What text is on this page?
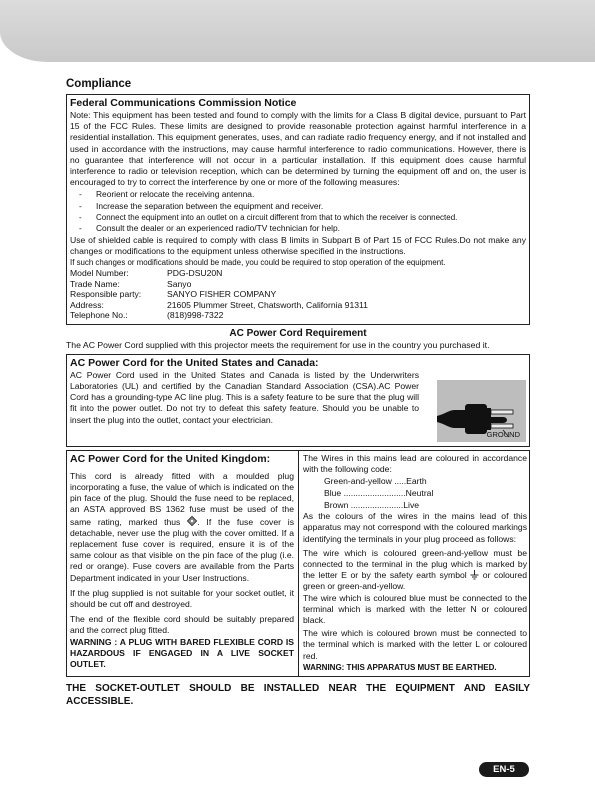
Compliance
Federal Communications Commission Notice
Note: This equipment has been tested and found to comply with the limits for a Class B digital device, pursuant to Part 15 of the FCC Rules. These limits are designed to provide reasonable protection against harmful interference in a residential installation. This equipment generates, uses, and can radiate radio frequency energy, and if not installed and used in accordance with the instructions, may cause harmful interference to radio communications. However, there is no guarantee that interference will not occur in a particular installation. If this equipment does cause harmful interference to radio or television reception, which can be determined by turning the equipment off and on, the user is encouraged to try to correct the interference by one or more of the following measures:
- Reorient or relocate the receiving antenna.
- Increase the separation between the equipment and receiver.
- Connect the equipment into an outlet on a circuit different from that to which the receiver is connected.
- Consult the dealer or an experienced radio/TV technician for help.
Use of shielded cable is required to comply with class B limits in Subpart B of Part 15 of FCC Rules.Do not make any changes or modifications to the equipment unless otherwise specified in the instructions.
If such changes or modifications should be made, you could be required to stop operation of the equipment.
Model Number:	PDG-DSU20N
Trade Name:	Sanyo
Responsible party:	SANYO FISHER COMPANY
Address:	21605 Plummer Street, Chatsworth, California 91311
Telephone No.:	(818)998-7322
AC Power Cord Requirement
The AC Power Cord supplied with this projector meets the requirement for use in the country you purchased it.
AC Power Cord for the United States and Canada:
AC Power Cord used in the United States and Canada is listed by the Underwriters Laboratories (UL) and certified by the Canadian Standard Association (CSA).AC Power Cord has a grounding-type AC line plug. This is a safety feature to be sure that the plug will fit into the power outlet. Do not try to defeat this safety feature. Should you be unable to insert the plug into the outlet, contact your electrician.
GROUND
AC Power Cord for the United Kingdom:
This cord is already fitted with a moulded plug incorporating a fuse, the value of which is indicated on the pin face of the plug. Should the fuse need to be replaced, an ASTA approved BS 1362 fuse must be used of the same rating, marked thus . If the fuse cover is detachable, never use the plug with the cover omitted. If a replacement fuse cover is required, ensure it is of the same colour as that visible on the pin face of the plug (i.e. red or orange). Fuse covers are available from the Parts Department indicated in your User Instructions.
If the plug supplied is not suitable for your socket outlet, it should be cut off and destroyed.
The end of the flexible cord should be suitably prepared and the correct plug fitted.
WARNING : A PLUG WITH BARED FLEXIBLE CORD IS HAZARDOUS IF ENGAGED IN A LIVE SOCKET OUTLET.
The Wires in this mains lead are coloured in accordance with the following code:
Green-and-yellow .....Earth
Blue ..........................Neutral
Brown ......................Live
As the colours of the wires in the mains lead of this apparatus may not correspond with the coloured markings identifying the terminals in your plug proceed as follows:
The wire which is coloured green-and-yellow must be connected to the terminal in the plug which is marked by the letter E or by the safety earth symbol  or coloured green or green-and-yellow.
The wire which is coloured blue must be connected to the terminal which is marked with the letter N or coloured black.
The wire which is coloured brown must be connected to the terminal which is marked with the letter L or coloured red.
WARNING: THIS APPARATUS MUST BE EARTHED.
THE SOCKET-OUTLET SHOULD BE INSTALLED NEAR THE EQUIPMENT AND EASILY ACCESSIBLE.
EN-5
